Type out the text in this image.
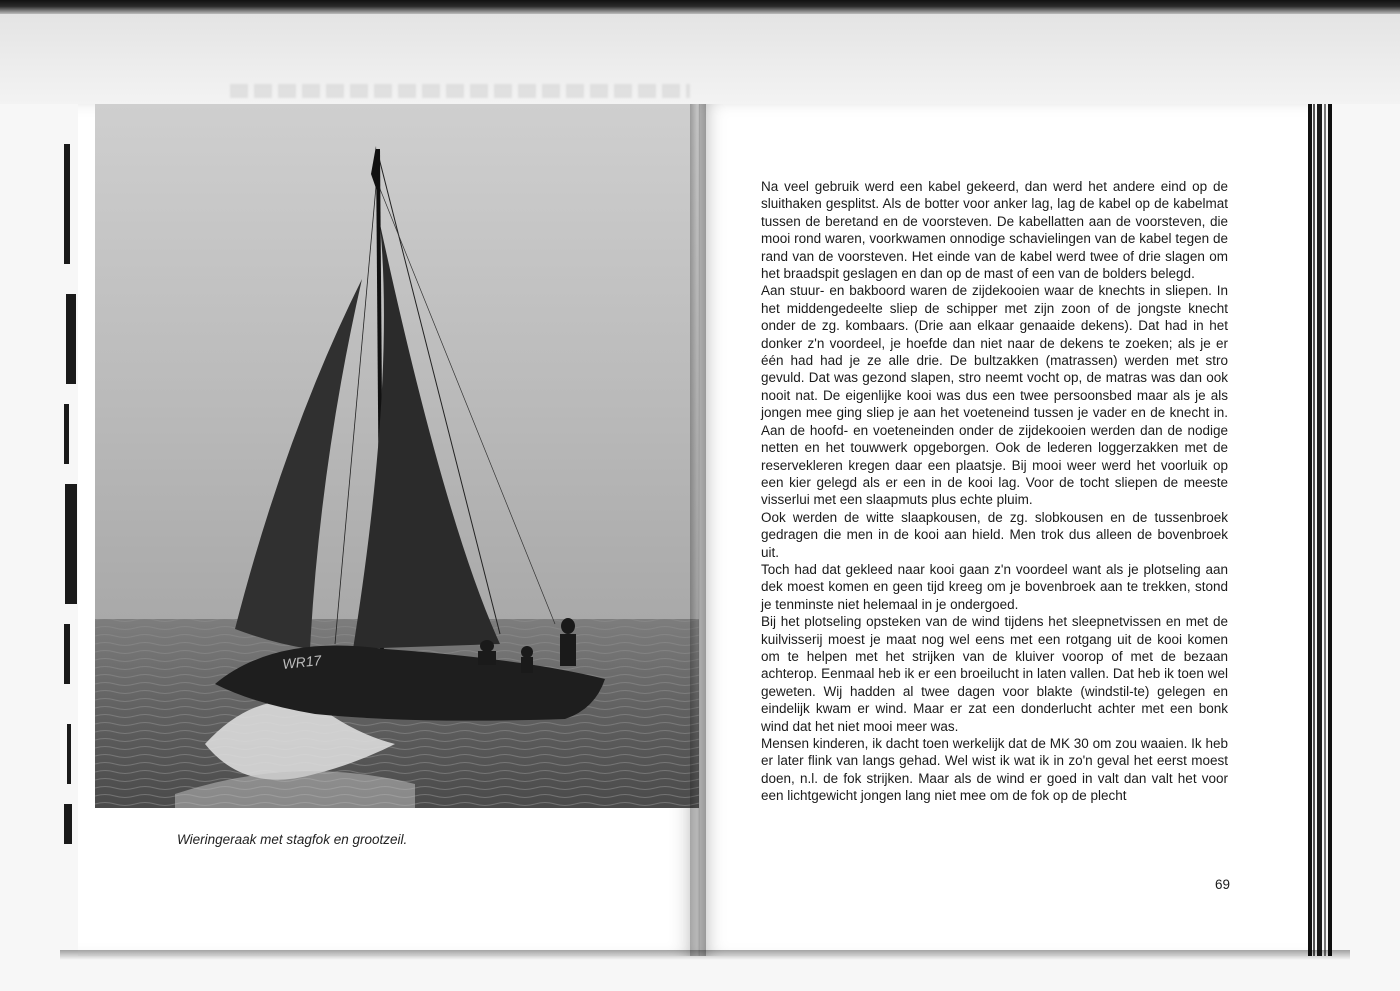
WR17
Wieringeraak met stagfok en grootzeil.

Na veel gebruik werd een kabel gekeerd, dan werd het andere eind op de sluithaken gesplitst. Als de botter voor anker lag, lag de kabel op de kabelmat tussen de beretand en de voorsteven. De kabellatten aan de voorsteven, die mooi rond waren, voorkwamen onnodige schavielingen van de kabel tegen de rand van de voorsteven. Het einde van de kabel werd twee of drie slagen om het braadspit geslagen en dan op de mast of een van de bolders belegd.

Aan stuur- en bakboord waren de zijdekooien waar de knechts in sliepen. In het middengedeelte sliep de schipper met zijn zoon of de jongste knecht onder de zg. kombaars. (Drie aan elkaar genaaide dekens). Dat had in het donker z'n voordeel, je hoefde dan niet naar de dekens te zoeken; als je er één had had je ze alle drie. De bultzakken (matrassen) werden met stro gevuld. Dat was gezond slapen, stro neemt vocht op, de matras was dan ook nooit nat. De eigenlijke kooi was dus een twee persoonsbed maar als je als jongen mee ging sliep je aan het voeteneind tussen je vader en de knecht in. Aan de hoofd- en voeteneinden onder de zijdekooien werden dan de nodige netten en het touwwerk opgeborgen. Ook de lederen loggerzakken met de reservekleren kregen daar een plaatsje. Bij mooi weer werd het voorluik op een kier gelegd als er een in de kooi lag. Voor de tocht sliepen de meeste visserlui met een slaapmuts plus echte pluim.

Ook werden de witte slaapkousen, de zg. slobkousen en de tussenbroek gedragen die men in de kooi aan hield. Men trok dus alleen de bovenbroek uit.

Toch had dat gekleed naar kooi gaan z'n voordeel want als je plotseling aan dek moest komen en geen tijd kreeg om je bovenbroek aan te trekken, stond je tenminste niet helemaal in je ondergoed.

Bij het plotseling opsteken van de wind tijdens het sleepnetvissen en met de kuilvisserij moest je maat nog wel eens met een rotgang uit de kooi komen om te helpen met het strijken van de kluiver voorop of met de bezaan achterop. Eenmaal heb ik er een broeilucht in laten vallen. Dat heb ik toen wel geweten. Wij hadden al twee dagen voor blakte (windstil-te) gelegen en eindelijk kwam er wind. Maar er zat een donderlucht achter met een bonk wind dat het niet mooi meer was.

Mensen kinderen, ik dacht toen werkelijk dat de MK 30 om zou waaien. Ik heb er later flink van langs gehad. Wel wist ik wat ik in zo'n geval het eerst moest doen, n.l. de fok strijken. Maar als de wind er goed in valt dan valt het voor een lichtgewicht jongen lang niet mee om de fok op de plecht

69
